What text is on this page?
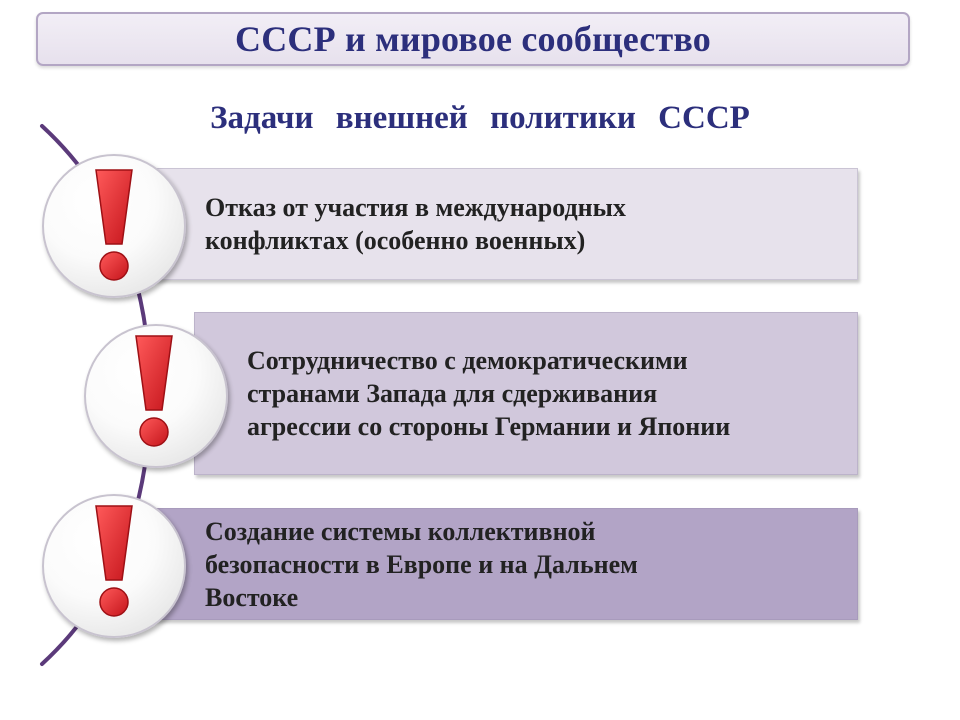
СССР и мировое сообщество
Задачи внешней политики СССР
Отказ от участия в международных
конфликтах (особенно военных)
Сотрудничество с демократическими
странами Запада для сдерживания
агрессии со стороны Германии и Японии
Создание системы коллективной
безопасности в Европе и на Дальнем
Востоке
